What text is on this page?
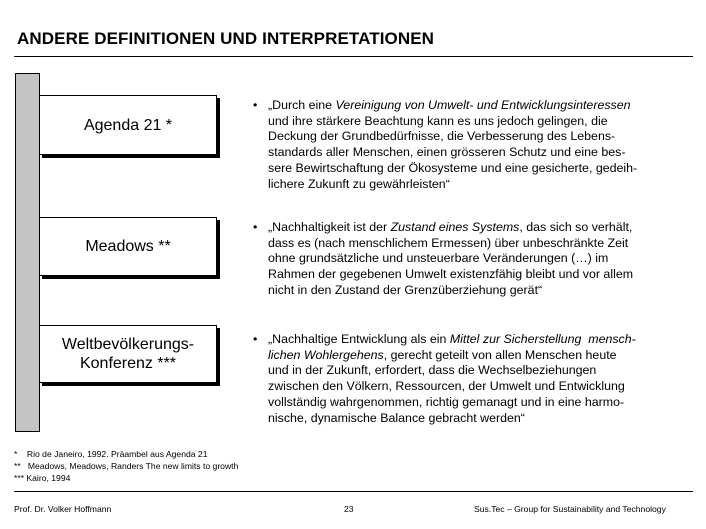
ANDERE DEFINITIONEN UND INTERPRETATIONEN
Agenda 21 *
Meadows **
Weltbevölkerungs-
Konferenz ***
• „Durch eine Vereinigung von Umwelt- und Entwicklungsinteressen
und ihre stärkere Beachtung kann es uns jedoch gelingen, die
Deckung der Grundbedürfnisse, die Verbesserung des Lebens-
standards aller Menschen, einen grösseren Schutz und eine bes-
sere Bewirtschaftung der Ökosysteme und eine gesicherte, gedeih-
lichere Zukunft zu gewährleisten“
• „Nachhaltigkeit ist der Zustand eines Systems, das sich so verhält,
dass es (nach menschlichem Ermessen) über unbeschränkte Zeit
ohne grundsätzliche und unsteuerbare Veränderungen (…) im
Rahmen der gegebenen Umwelt existenzfähig bleibt und vor allem
nicht in den Zustand der Grenzüberziehung gerät“
• „Nachhaltige Entwicklung als ein Mittel zur Sicherstellung  mensch-
lichen Wohlergehens, gerecht geteilt von allen Menschen heute
und in der Zukunft, erfordert, dass die Wechselbeziehungen
zwischen den Völkern, Ressourcen, der Umwelt und Entwicklung
vollständig wahrgenommen, richtig gemanagt und in eine harmo-
nische, dynamische Balance gebracht werden“
*    Rio de Janeiro, 1992. Präambel aus Agenda 21
**   Meadows, Meadows, Randers The new limits to growth
*** Kairo, 1994
Prof. Dr. Volker Hoffmann	23	Sus.Tec – Group for Sustainability and Technology
